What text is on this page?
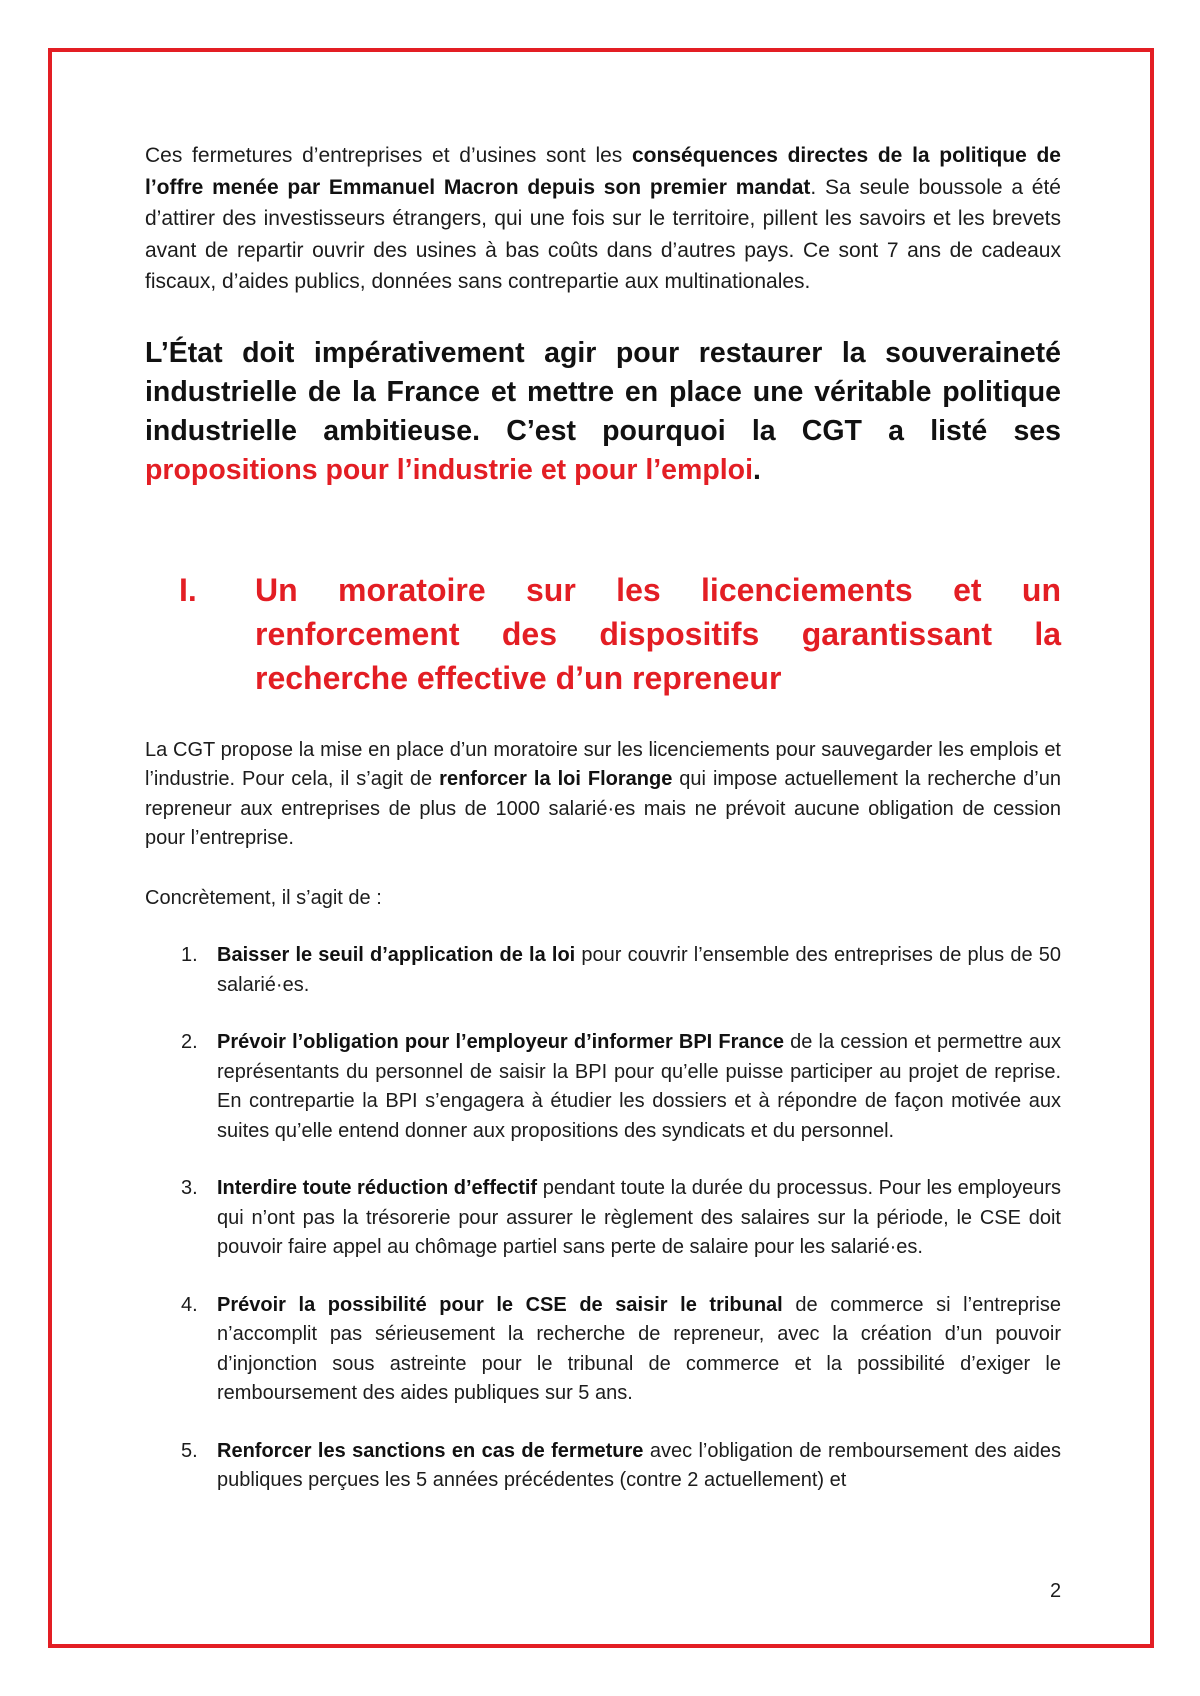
Ces fermetures d’entreprises et d’usines sont les conséquences directes de la politique de l’offre menée par Emmanuel Macron depuis son premier mandat. Sa seule boussole a été d’attirer des investisseurs étrangers, qui une fois sur le territoire, pillent les savoirs et les brevets avant de repartir ouvrir des usines à bas coûts dans d’autres pays. Ce sont 7 ans de cadeaux fiscaux, d’aides publics, données sans contrepartie aux multinationales.

L’État doit impérativement agir pour restaurer la souveraineté industrielle de la France et mettre en place une véritable politique industrielle ambitieuse. C’est pourquoi la CGT a listé ses propositions pour l’industrie et pour l’emploi.

I.	Un moratoire sur les licenciements et un renforcement des dispositifs garantissant la recherche effective d’un repreneur

La CGT propose la mise en place d’un moratoire sur les licenciements pour sauvegarder les emplois et l’industrie. Pour cela, il s’agit de renforcer la loi Florange qui impose actuellement la recherche d’un repreneur aux entreprises de plus de 1000 salarié·es mais ne prévoit aucune obligation de cession pour l’entreprise.

Concrètement, il s’agit de :

1. Baisser le seuil d’application de la loi pour couvrir l’ensemble des entreprises de plus de 50 salarié·es.
2. Prévoir l’obligation pour l’employeur d’informer BPI France de la cession et permettre aux représentants du personnel de saisir la BPI pour qu’elle puisse participer au projet de reprise. En contrepartie la BPI s’engagera à étudier les dossiers et à répondre de façon motivée aux suites qu’elle entend donner aux propositions des syndicats et du personnel.
3. Interdire toute réduction d’effectif pendant toute la durée du processus. Pour les employeurs qui n’ont pas la trésorerie pour assurer le règlement des salaires sur la période, le CSE doit pouvoir faire appel au chômage partiel sans perte de salaire pour les salarié·es.
4. Prévoir la possibilité pour le CSE de saisir le tribunal de commerce si l’entreprise n’accomplit pas sérieusement la recherche de repreneur, avec la création d’un pouvoir d’injonction sous astreinte pour le tribunal de commerce et la possibilité d’exiger le remboursement des aides publiques sur 5 ans.
5. Renforcer les sanctions en cas de fermeture avec l’obligation de remboursement des aides publiques perçues les 5 années précédentes (contre 2 actuellement) et
2
